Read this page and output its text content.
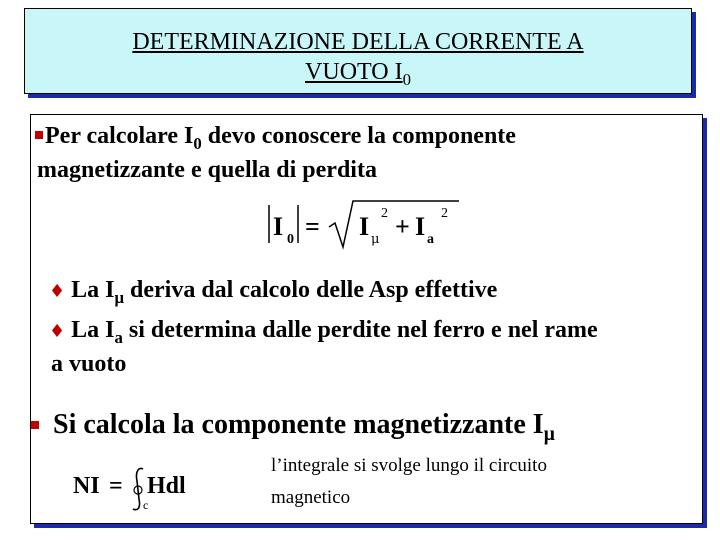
DETERMINAZIONE DELLA CORRENTE A
VUOTO $I_0$
Per calcolare $I_0$ devo conoscere la componente
magnetizzante e quella di perdita
I 0 = I μ
2 + I a
2
♦ La $I_\mu$ deriva dal calcolo delle Asp effettive
♦ La $I_a$ si determina dalle perdite nel ferro e nel rame
a vuoto
Si calcola la componente magnetizzante $I_\mu$
NI =
c
Hdl
l’integrale si svolge lungo il circuito
magnetico
